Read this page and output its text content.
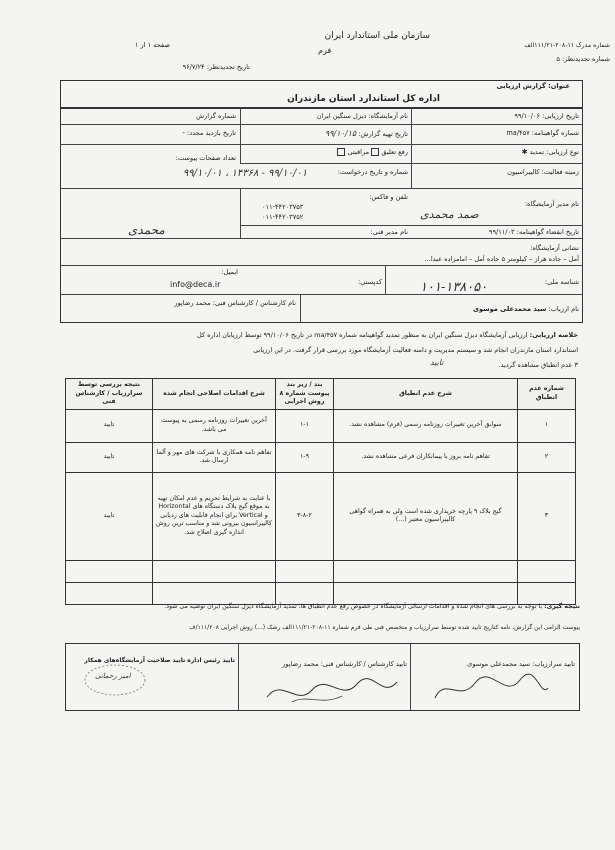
سازمان ملی استاندارد ایران
فرم
شماره مدرک ۱۱-۲۰۸-۱۱۱/۲۱الف
شماره تجدیدنظر: ۵
صفحه ۱ از ۱
تاریخ تجدیدنظر: ۹۶/۷/۲۴
عنوان: گزارش ارزیابی
اداره کل استاندارد استان مازندران
تاریخ ارزیابی: ۹۹/۱۰/۰۶
نام آزمایشگاه: دیزل سنگین ایران
شماره گزارش
شماره گواهینامه: ma/۴۵۷
تاریخ تهیه گزارش: ۹۹/۱۰/۱۵
تاریخ بازدید مجدد: -
نوع ارزیابی: تمدید ✱
رفع تعلیق  مراقبتی
تعداد صفحات پیوست:
زمینه فعالیت: کالیبراسیون
شماره و تاریخ درخواست:
۹۹/۱۰/۰۱ - ۱۴۳۶۸ ، ۹۹/۱۰/۰۱
نام مدیر آزمایشگاه:
صمد محمدی
تلفن و فاکس:
۰۱۱-۴۴۲۰۳۷۵۳
۰۱۱-۴۴۲۰۳۷۵۲
تاریخ انقضاء گواهینامه: ۹۹/۱۱/۰۳
نام مدیر فنی:
محمدی
نشانی آزمایشگاه:
آمل – جاده هراز – کیلومتر ۵ جاده آمل – امامزاده عبدا...
ایمیل:
info@deca.ir	کدپستی:	شناسه ملی:
۱۰۱-۱۳۸۰۵۰
نام ارزیاب: سید محمدعلی موسوی
نام کارشناس / کارشناس فنی: محمد رضاپور
خلاصه ارزیابی: ارزیابی آزمایشگاه دیزل سنگین ایران به منظور تمدید گواهینامه شماره ma/۴۵۷ در تاریخ ۹۹/۱۰/۰۶ توسط ارزیابان اداره کل
استاندارد استان مازندران انجام شد و سیستم مدیریت و دامنه فعالیت آزمایشگاه مورد بررسی قرار گرفت. در این ارزیابی
۳ عدم انطباق مشاهده گردید.
تایید
نتیجه بررسی توسط سرارزیاب / کارشناس فنی	شرح اقدامات اصلاحی انجام شده	بند / زیر بند پیوست شماره ۸ روش اجرایی	شرح عدم انطباق	شماره عدم انطباق
تایید	آخرین تغییرات روزنامه رسمی به پیوست می باشد.	۱-۱	سوابق آخرین تغییرات روزنامه رسمی (فرم) مشاهده نشد.	۱
تایید	تفاهم نامه همکاری با شرکت های مهر و آلما ارسال شد.	۱-۹	تفاهم نامه بروز با پیمانکاران فرعی مشاهده نشد.	۲
تایید	با عنایت به شرایط تحریم و عدم امکان تهیه به موقع گیج بلاک دستگاه های Horizontal و Vertical برای انجام قابلیت های ردیابی کالیبراسیون بیرونی شد و مناسب ترین روش اندازه گیری اصلاح شد.	۳-۸-۲	گیج بلاک ۹ پارچه خریداری شده است ولی به همراه گواهی کالیبراسیون معتبر (...)	۳

نتیجه گیری: با توجه به بررسی های انجام شده و اقدامات ارسالی آزمایشگاه در خصوص رفع عدم انطباق ها، تمدید آزمایشگاه دیزل سنگین ایران توصیه می شود.
پیوست الزامی این گزارش، نامه کتاریج تایید شده توسط سرارزیاب و متخصص فنی طی فرم شماره ۱۱-۲۰۸-۱۱۱/۲۱الف رشک (...) روش اجرایی ۱۱۱/۲۰۸/ف
تایید سرارزیاب: سید محمدعلی موسوی
تایید کارشناس / کارشناس فنی: محمد رضاپور
تایید رئیس اداره تایید صلاحیت آزمایشگاه‌های همکار
امیر رحمانی
